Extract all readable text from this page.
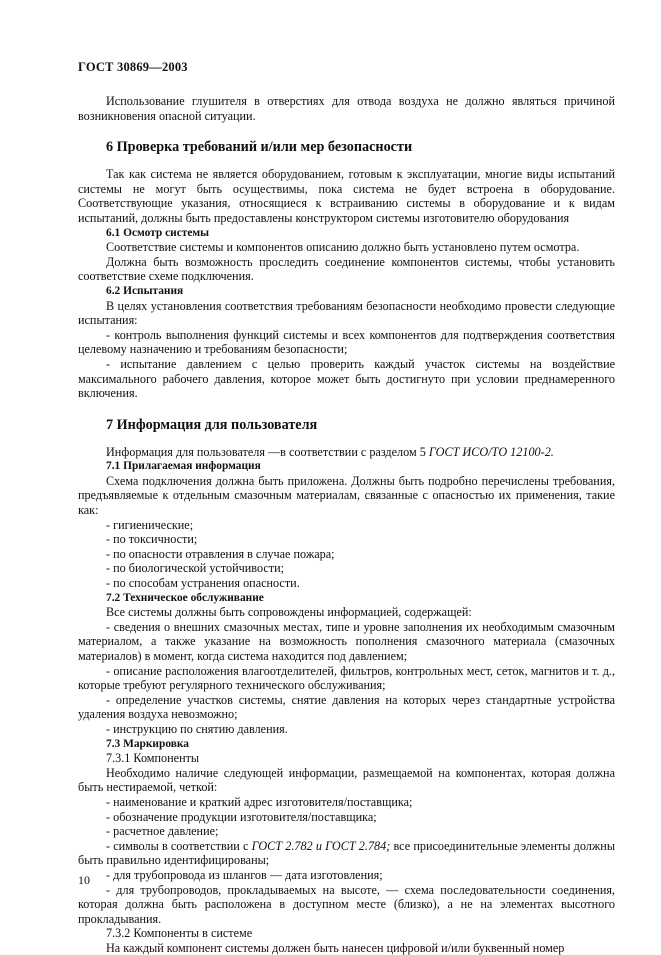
ГОСТ 30869—2003

Использование глушителя в отверстиях для отвода воздуха не должно являться причиной возникновения опасной ситуации.

6 Проверка требований и/или мер безопасности

Так как система не является оборудованием, готовым к эксплуатации, многие виды испытаний системы не могут быть осуществимы, пока система не будет встроена в оборудование. Соответствующие указания, относящиеся к встраиванию системы в оборудование и к видам испытаний, должны быть предоставлены конструктором системы изготовителю оборудования

6.1 Осмотр системы

Соответствие системы и компонентов описанию должно быть установлено путем осмотра.

Должна быть возможность проследить соединение компонентов системы, чтобы установить соответствие схеме подключения.

6.2 Испытания

В целях установления соответствия требованиям безопасности необходимо провести следующие испытания:

- контроль выполнения функций системы и всех компонентов для подтверждения соответствия целевому назначению и требованиям безопасности;

- испытание давлением с целью проверить каждый участок системы на воздействие максимального рабочего давления, которое может быть достигнуто при условии преднамеренного включения.

7 Информация для пользователя

Информация для пользователя —в соответствии с разделом 5 ГОСТ ИСО/ТО 12100-2.

7.1 Прилагаемая информация

Схема подключения должна быть приложена. Должны быть подробно перечислены требования, предъявляемые к отдельным смазочным материалам, связанные с опасностью их применения, такие как:

- гигиенические;

- по токсичности;

- по опасности отравления в случае пожара;

- по биологической устойчивости;

- по способам устранения опасности.

7.2 Техническое обслуживание

Все системы должны быть сопровождены информацией, содержащей:

- сведения о внешних смазочных местах, типе и уровне заполнения их необходимым смазочным материалом, а также указание на возможность пополнения смазочного материала (смазочных материалов) в момент, когда система находится под давлением;

- описание расположения влагоотделителей, фильтров, контрольных мест, сеток, магнитов и т. д., которые требуют регулярного технического обслуживания;

- определение участков системы, снятие давления на которых через стандартные устройства удаления воздуха невозможно;

- инструкцию по снятию давления.

7.3 Маркировка
7.3.1 Компоненты

Необходимо наличие следующей информации, размещаемой на компонентах, которая должна быть нестираемой, четкой:

- наименование и краткий адрес изготовителя/поставщика;

- обозначение продукции изготовителя/поставщика;

- расчетное давление;

- символы в соответствии с ГОСТ 2.782 и ГОСТ 2.784; все присоединительные элементы должны быть правильно идентифицированы;

- для трубопровода из шлангов — дата изготовления;

- для трубопроводов, прокладываемых на высоте, — схема последовательности соединения, которая должна быть расположена в доступном месте (близко), а не на элементах высотного прокладывания.

7.3.2 Компоненты в системе

На каждый компонент системы должен быть нанесен цифровой и/или буквенный номер

10
